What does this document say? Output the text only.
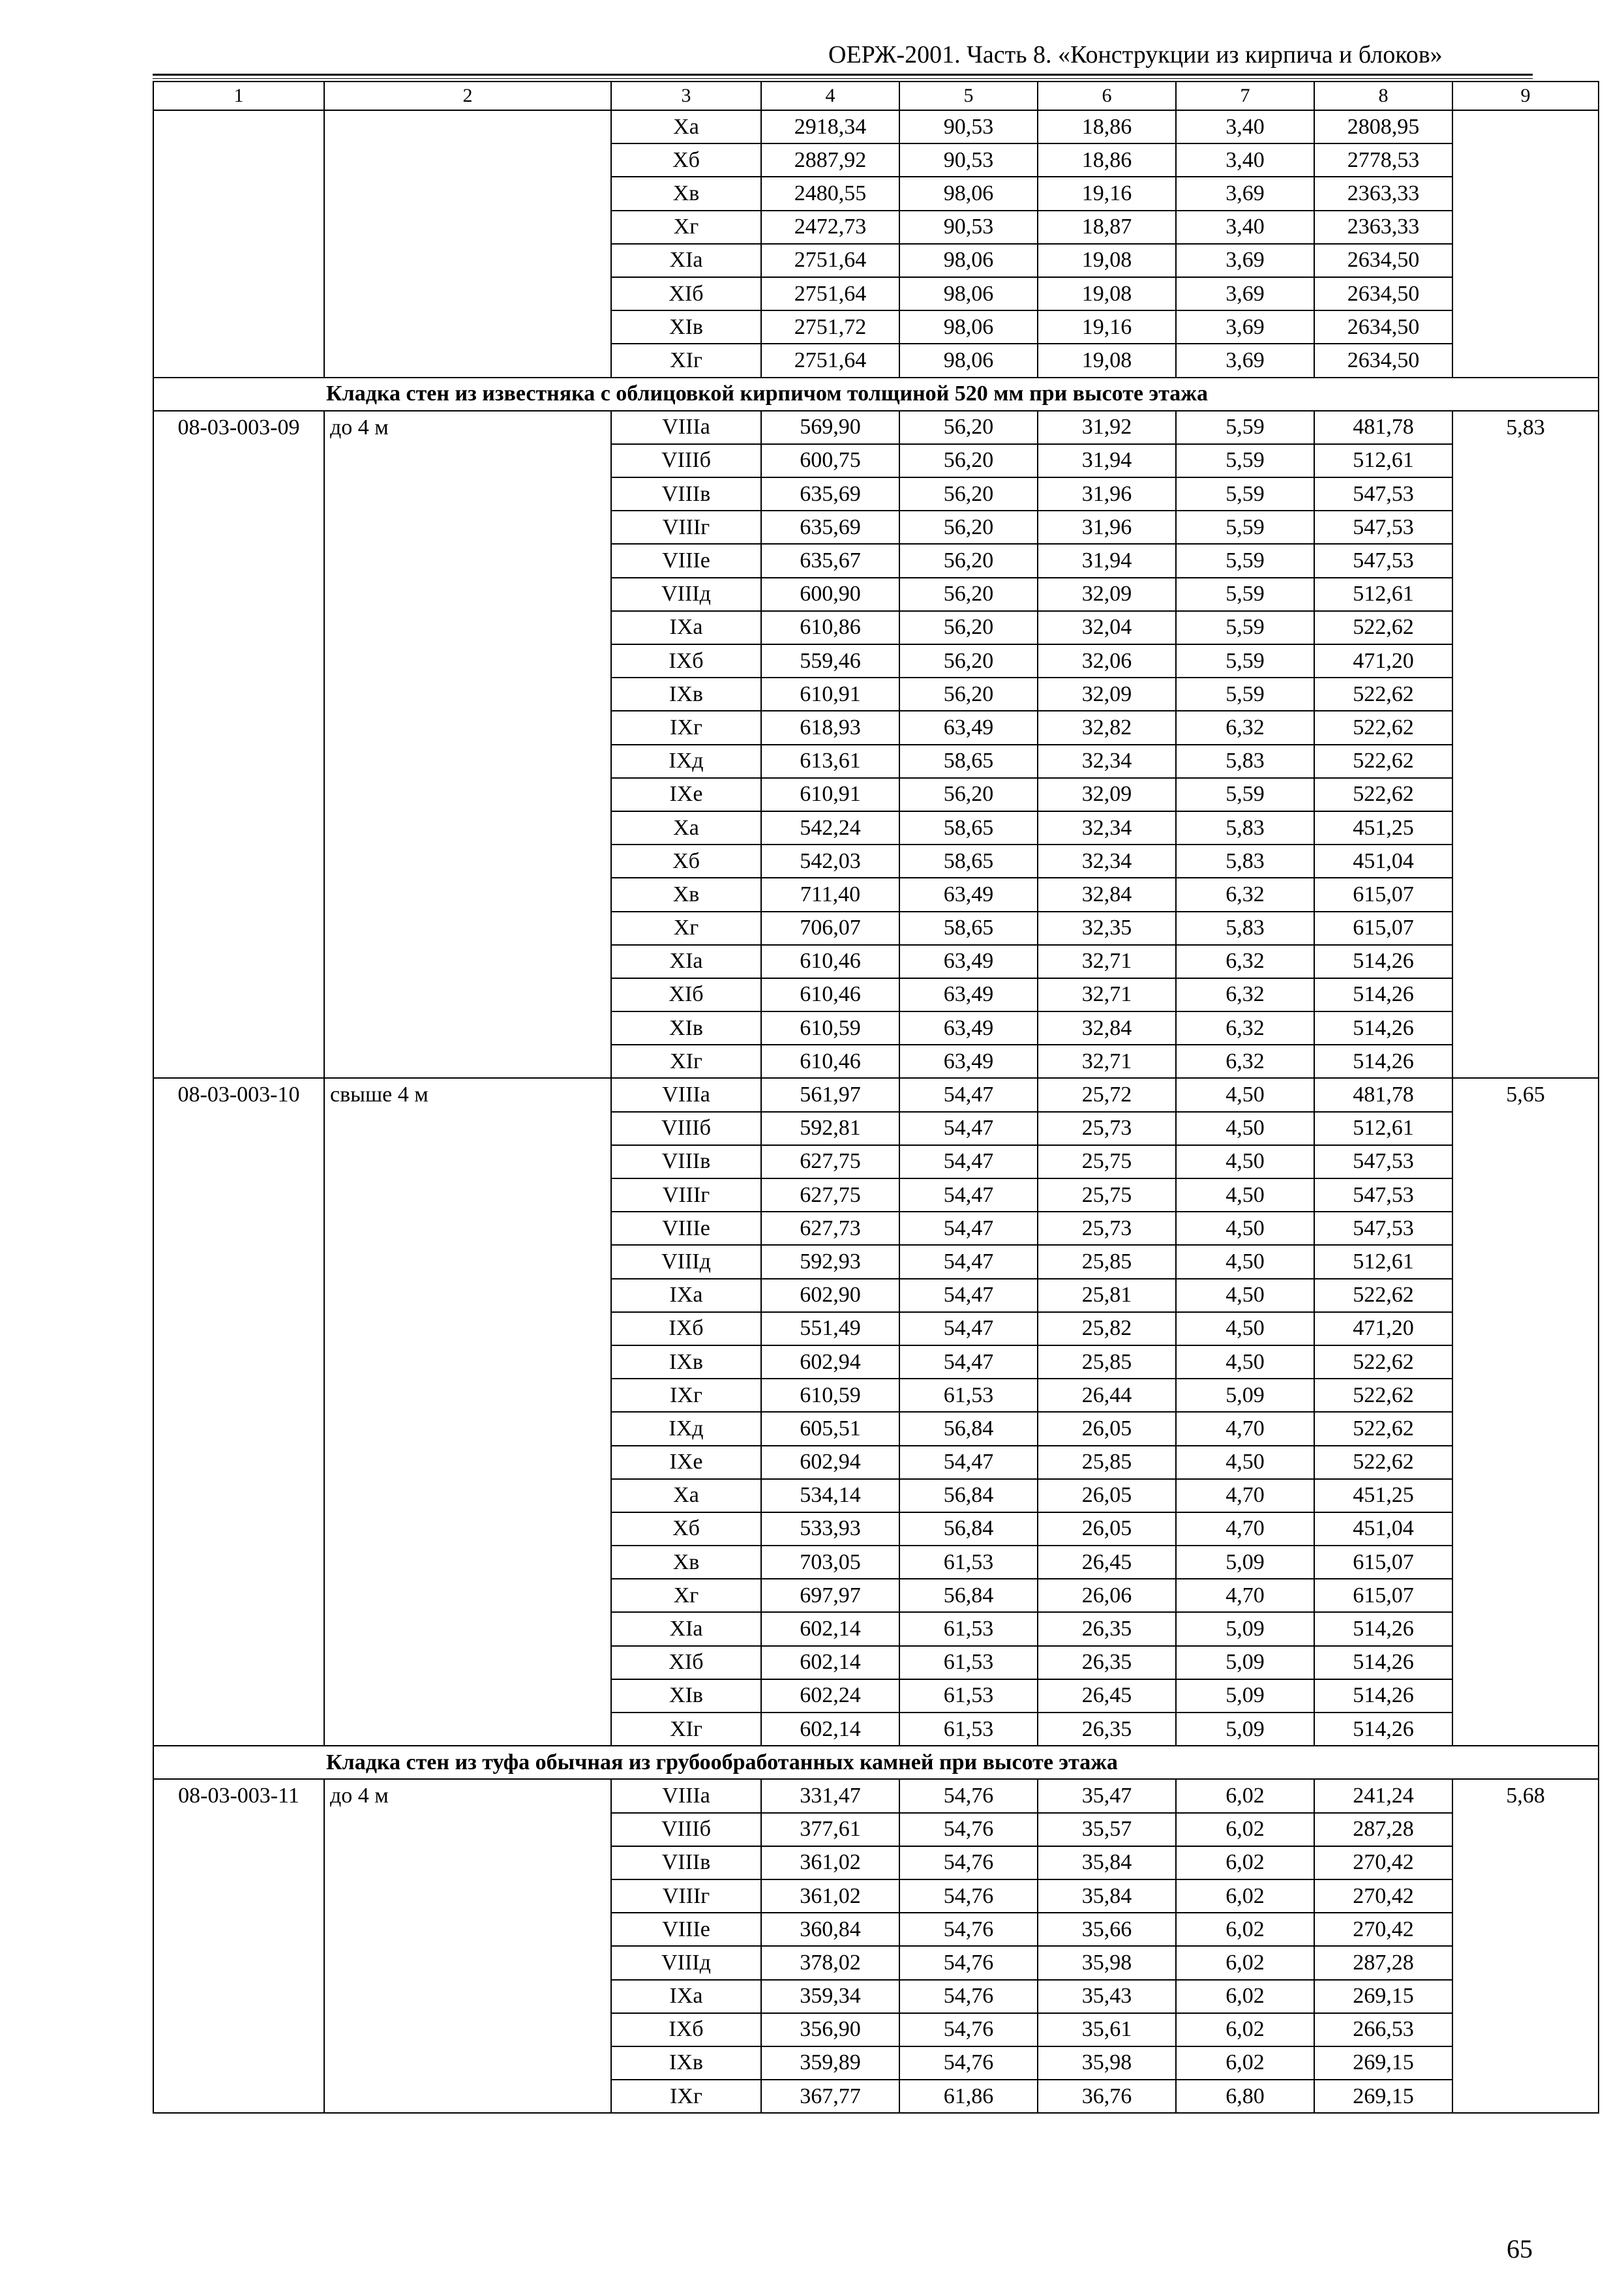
ОЕРЖ-2001. Часть 8. «Конструкции из кирпича и блоков»
1	2	3	4	5	6	7	8	9
		Xa	2918,34	90,53	18,86	3,40	2808,95	
		Xб	2887,92	90,53	18,86	3,40	2778,53	
		Xв	2480,55	98,06	19,16	3,69	2363,33	
		Xг	2472,73	90,53	18,87	3,40	2363,33	
		XIa	2751,64	98,06	19,08	3,69	2634,50	
		XIб	2751,64	98,06	19,08	3,69	2634,50	
		XIв	2751,72	98,06	19,16	3,69	2634,50	
		XIг	2751,64	98,06	19,08	3,69	2634,50	
Кладка стен из известняка с облицовкой кирпичом толщиной 520 мм при высоте этажа								
08-03-003-09	до 4 м	VIIIa	569,90	56,20	31,92	5,59	481,78	5,83
		VIIIб	600,75	56,20	31,94	5,59	512,61	
		VIIIв	635,69	56,20	31,96	5,59	547,53	
		VIIIг	635,69	56,20	31,96	5,59	547,53	
		VIIIe	635,67	56,20	31,94	5,59	547,53	
		VIIIд	600,90	56,20	32,09	5,59	512,61	
		IXa	610,86	56,20	32,04	5,59	522,62	
		IXб	559,46	56,20	32,06	5,59	471,20	
		IXв	610,91	56,20	32,09	5,59	522,62	
		IXг	618,93	63,49	32,82	6,32	522,62	
		IXд	613,61	58,65	32,34	5,83	522,62	
		IXe	610,91	56,20	32,09	5,59	522,62	
		Xa	542,24	58,65	32,34	5,83	451,25	
		Xб	542,03	58,65	32,34	5,83	451,04	
		Xв	711,40	63,49	32,84	6,32	615,07	
		Xг	706,07	58,65	32,35	5,83	615,07	
		XIa	610,46	63,49	32,71	6,32	514,26	
		XIб	610,46	63,49	32,71	6,32	514,26	
		XIв	610,59	63,49	32,84	6,32	514,26	
		XIг	610,46	63,49	32,71	6,32	514,26	
08-03-003-10	свыше 4 м	VIIIa	561,97	54,47	25,72	4,50	481,78	5,65
		VIIIб	592,81	54,47	25,73	4,50	512,61	
		VIIIв	627,75	54,47	25,75	4,50	547,53	
		VIIIг	627,75	54,47	25,75	4,50	547,53	
		VIIIe	627,73	54,47	25,73	4,50	547,53	
		VIIIд	592,93	54,47	25,85	4,50	512,61	
		IXa	602,90	54,47	25,81	4,50	522,62	
		IXб	551,49	54,47	25,82	4,50	471,20	
		IXв	602,94	54,47	25,85	4,50	522,62	
		IXг	610,59	61,53	26,44	5,09	522,62	
		IXд	605,51	56,84	26,05	4,70	522,62	
		IXe	602,94	54,47	25,85	4,50	522,62	
		Xa	534,14	56,84	26,05	4,70	451,25	
		Xб	533,93	56,84	26,05	4,70	451,04	
		Xв	703,05	61,53	26,45	5,09	615,07	
		Xг	697,97	56,84	26,06	4,70	615,07	
		XIa	602,14	61,53	26,35	5,09	514,26	
		XIб	602,14	61,53	26,35	5,09	514,26	
		XIв	602,24	61,53	26,45	5,09	514,26	
		XIг	602,14	61,53	26,35	5,09	514,26	
Кладка стен из туфа обычная из грубообработанных камней при высоте этажа								
08-03-003-11	до 4 м	VIIIa	331,47	54,76	35,47	6,02	241,24	5,68
		VIIIб	377,61	54,76	35,57	6,02	287,28	
		VIIIв	361,02	54,76	35,84	6,02	270,42	
		VIIIг	361,02	54,76	35,84	6,02	270,42	
		VIIIe	360,84	54,76	35,66	6,02	270,42	
		VIIIд	378,02	54,76	35,98	6,02	287,28	
		IXa	359,34	54,76	35,43	6,02	269,15	
		IXб	356,90	54,76	35,61	6,02	266,53	
		IXв	359,89	54,76	35,98	6,02	269,15	
		IXг	367,77	61,86	36,76	6,80	269,15	
65
